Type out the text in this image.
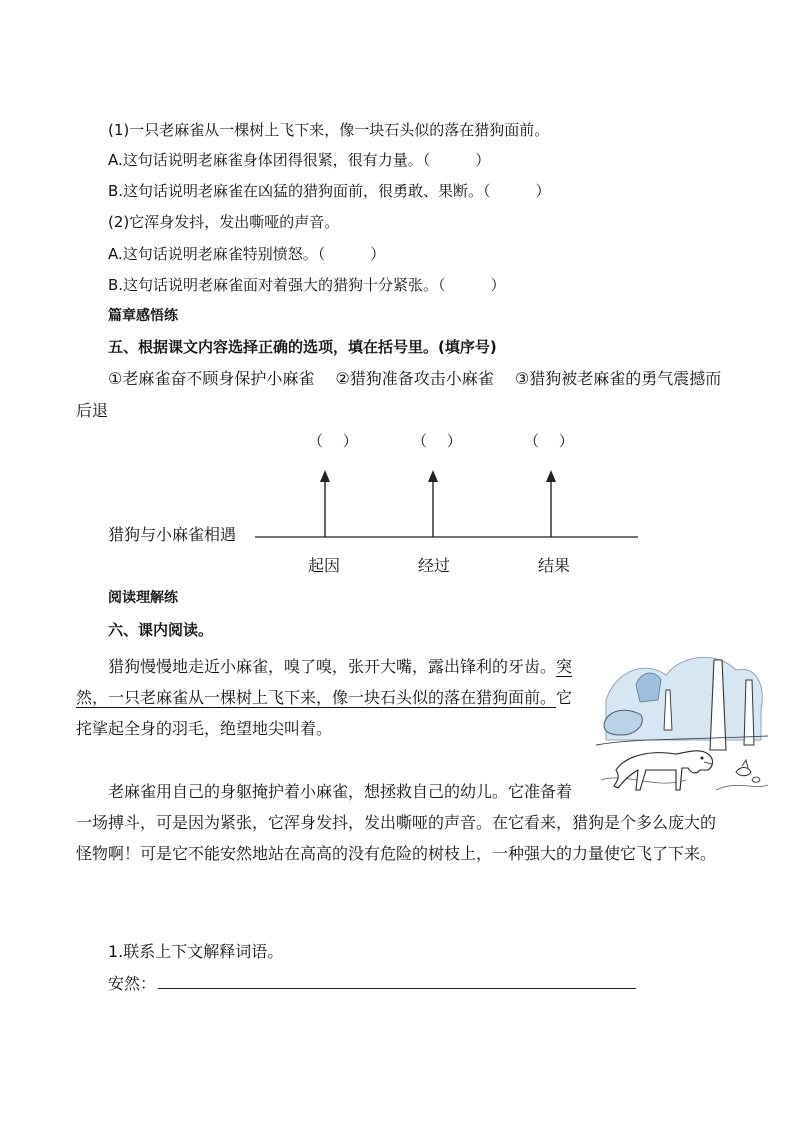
(1)一只老麻雀从一棵树上飞下来，像一块石头似的落在猎狗面前。
A.这句话说明老麻雀身体团得很紧，很有力量。（　　　）
B.这句话说明老麻雀在凶猛的猎狗面前，很勇敢、果断。（　　　）
(2)它浑身发抖，发出嘶哑的声音。
A.这句话说明老麻雀特别愤怒。（　　　）
B.这句话说明老麻雀面对着强大的猎狗十分紧张。（　　　）
篇章感悟练
五、根据课文内容选择正确的选项，填在括号里。(填序号)
①老麻雀奋不顾身保护小麻雀　 ②猎狗准备攻击小麻雀　 ③猎狗被老麻雀的勇气震撼而
后退
（　 ）	（　 ）	（　 ）
猎狗与小麻雀相遇
起因	经过	结果
阅读理解练
六、课内阅读。

猎狗慢慢地走近小麻雀，嗅了嗅，张开大嘴，露出锋利的牙齿。突然，一只老麻雀从一棵树上飞下来，像一块石头似的落在猎狗面前。它挓挲起全身的羽毛，绝望地尖叫着。

老麻雀用自己的身躯掩护着小麻雀，想拯救自己的幼儿。它准备着一场搏斗，可是因为紧张，它浑身发抖，发出嘶哑的声音。在它看来，猎狗是个多么庞大的怪物啊！可是它不能安然地站在高高的没有危险的树枝上，一种强大的力量使它飞了下来。

1.联系上下文解释词语。
安然：
